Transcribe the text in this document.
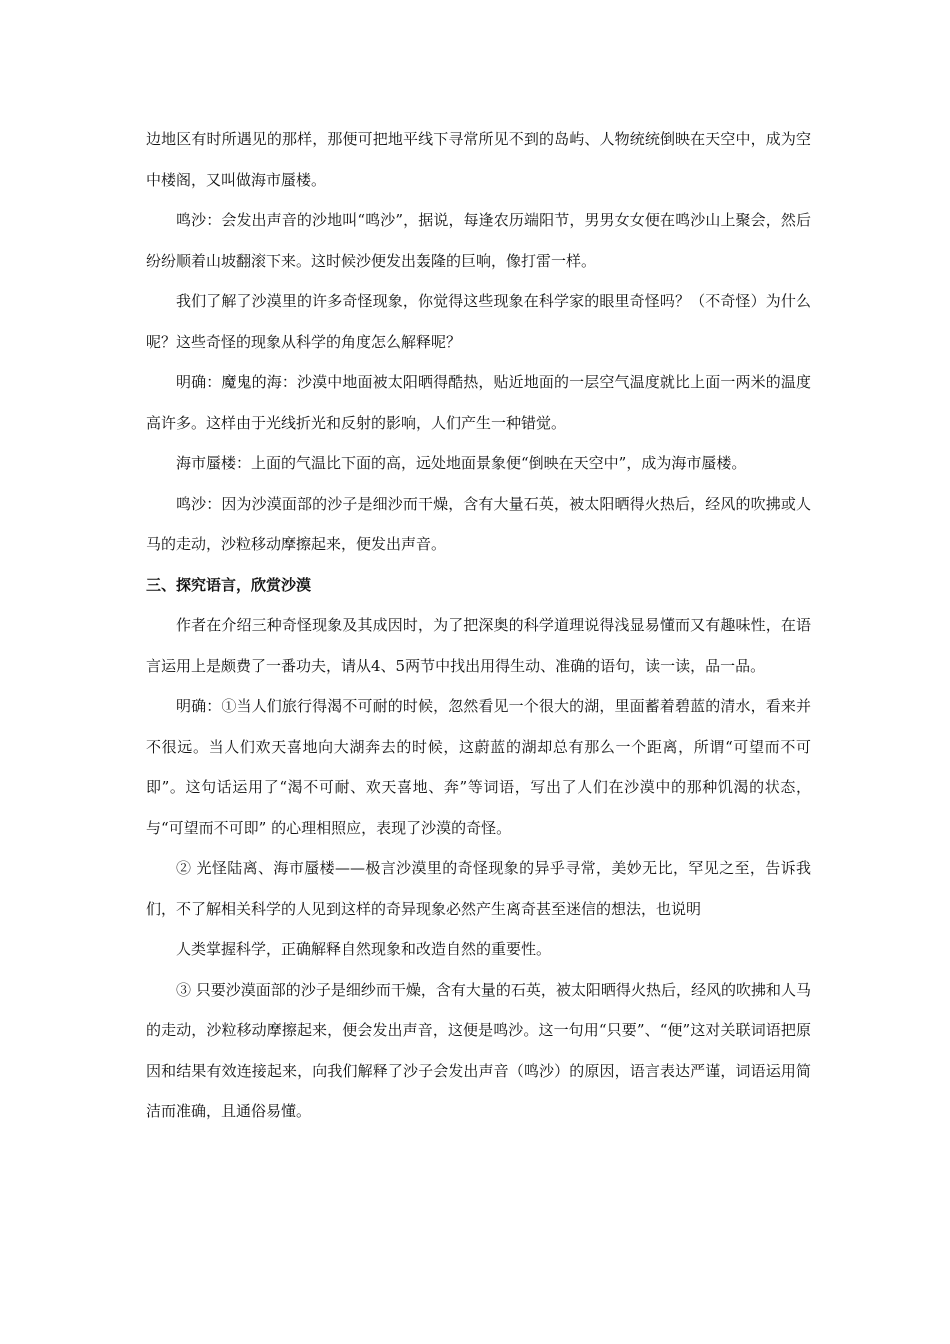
边地区有时所遇见的那样，那便可把地平线下寻常所见不到的岛屿、人物统统倒映在天空中，成为空中楼阁，又叫做海市蜃楼。

鸣沙：会发出声音的沙地叫“鸣沙”，据说，每逢农历端阳节，男男女女便在鸣沙山上聚会，然后纷纷顺着山坡翻滚下来。这时候沙便发出轰隆的巨响，像打雷一样。

我们了解了沙漠里的许多奇怪现象，你觉得这些现象在科学家的眼里奇怪吗？（不奇怪）为什么呢？这些奇怪的现象从科学的角度怎么解释呢？

明确：魔鬼的海：沙漠中地面被太阳晒得酷热，贴近地面的一层空气温度就比上面一两米的温度高许多。这样由于光线折光和反射的影响，人们产生一种错觉。

海市蜃楼：上面的气温比下面的高，远处地面景象便“倒映在天空中”，成为海市蜃楼。

鸣沙：因为沙漠面部的沙子是细沙而干燥，含有大量石英，被太阳晒得火热后，经风的吹拂或人马的走动，沙粒移动摩擦起来，便发出声音。

三、探究语言，欣赏沙漠

作者在介绍三种奇怪现象及其成因时，为了把深奥的科学道理说得浅显易懂而又有趣味性，在语言运用上是颇费了一番功夫，请从4、5两节中找出用得生动、准确的语句，读一读，品一品。

明确：①当人们旅行得渴不可耐的时候，忽然看见一个很大的湖，里面蓄着碧蓝的清水，看来并不很远。当人们欢天喜地向大湖奔去的时候，这蔚蓝的湖却总有那么一个距离，所谓“可望而不可即”。这句话运用了“渴不可耐、欢天喜地、奔”等词语，写出了人们在沙漠中的那种饥渴的状态，与“可望而不可即” 的心理相照应，表现了沙漠的奇怪。

② 光怪陆离、海市蜃楼——极言沙漠里的奇怪现象的异乎寻常，美妙无比，罕见之至，告诉我们，不了解相关科学的人见到这样的奇异现象必然产生离奇甚至迷信的想法，也说明

人类掌握科学，正确解释自然现象和改造自然的重要性。

③ 只要沙漠面部的沙子是细纱而干燥，含有大量的石英，被太阳晒得火热后，经风的吹拂和人马的走动，沙粒移动摩擦起来，便会发出声音，这便是鸣沙。这一句用“只要”、“便”这对关联词语把原因和结果有效连接起来，向我们解释了沙子会发出声音（鸣沙）的原因，语言表达严谨，词语运用简洁而准确，且通俗易懂。
